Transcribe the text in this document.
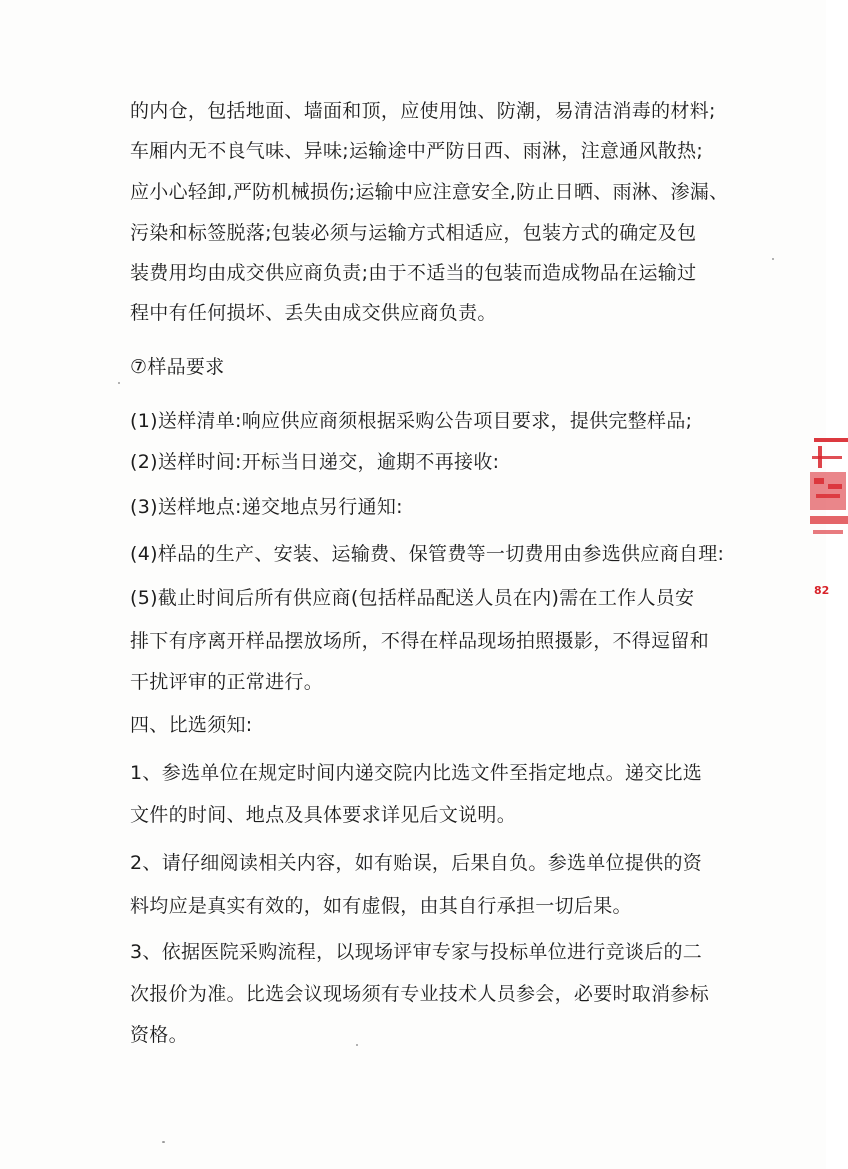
的内仓，包括地面、墙面和顶，应使用蚀、防潮，易清洁消毒的材料;
车厢内无不良气味、异味;运输途中严防日西、雨淋，注意通风散热;
应小心轻卸,严防机械损伤;运输中应注意安全,防止日晒、雨淋、渗漏、
污染和标签脱落;包装必须与运输方式相适应，包装方式的确定及包
装费用均由成交供应商负责;由于不适当的包装而造成物品在运输过
程中有任何损坏、丢失由成交供应商负责。
⑦样品要求
(1)送样清单:响应供应商须根据采购公告项目要求，提供完整样品;
(2)送样时间:开标当日递交，逾期不再接收:
(3)送样地点:递交地点另行通知:
(4)样品的生产、安装、运输费、保管费等一切费用由参选供应商自理:
(5)截止时间后所有供应商(包括样品配送人员在内)需在工作人员安
排下有序离开样品摆放场所，不得在样品现场拍照摄影，不得逗留和
干扰评审的正常进行。
四、比选须知:
1、参选单位在规定时间内递交院内比选文件至指定地点。递交比选
文件的时间、地点及具体要求详见后文说明。
2、请仔细阅读相关内容，如有贻误，后果自负。参选单位提供的资
料均应是真实有效的，如有虚假，由其自行承担一切后果。
3、依据医院采购流程，以现场评审专家与投标单位进行竞谈后的二
次报价为准。比选会议现场须有专业技术人员参会，必要时取消参标
资格。
82
